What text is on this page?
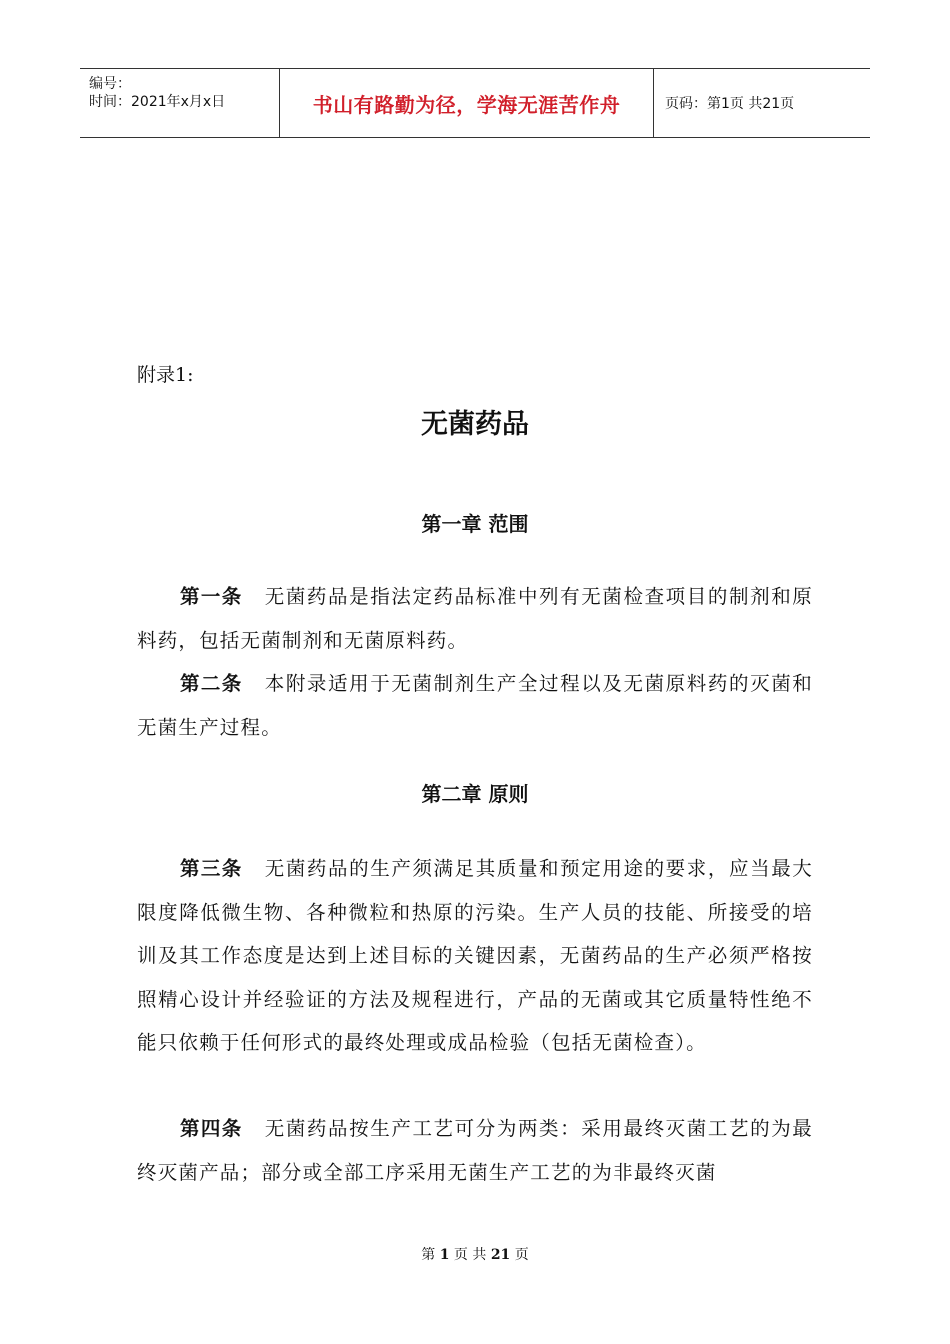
编号：
时间：2021年x月x日	书山有路勤为径，学海无涯苦作舟	页码：第1页 共21页
附录1:
无菌药品
第一章 范围
第一条 无菌药品是指法定药品标准中列有无菌检查项目的制剂和原料药，包括无菌制剂和无菌原料药。
第二条 本附录适用于无菌制剂生产全过程以及无菌原料药的灭菌和无菌生产过程。
第二章 原则
第三条 无菌药品的生产须满足其质量和预定用途的要求，应当最大限度降低微生物、各种微粒和热原的污染。生产人员的技能、所接受的培训及其工作态度是达到上述目标的关键因素，无菌药品的生产必须严格按照精心设计并经验证的方法及规程进行，产品的无菌或其它质量特性绝不能只依赖于任何形式的最终处理或成品检验（包括无菌检查）。
第四条 无菌药品按生产工艺可分为两类：采用最终灭菌工艺的为最终灭菌产品；部分或全部工序采用无菌生产工艺的为非最终灭菌
第 1 页 共 21 页
